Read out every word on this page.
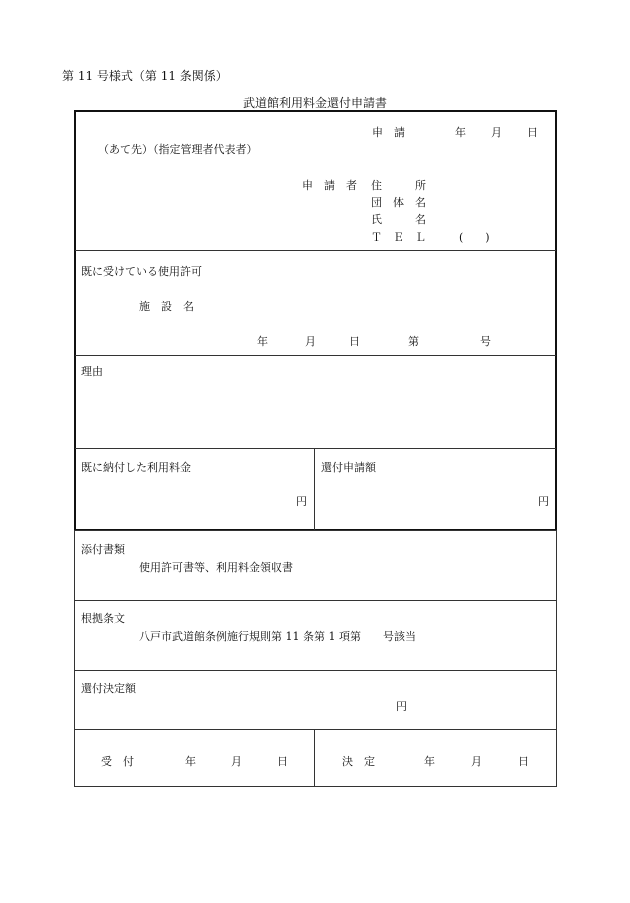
第 11 号様式（第 11 条関係）
武道館利用料金還付申請書
申　請	年 月 日
（あて先）（指定管理者代表者）
申　請　者 住　　　所
団　体　名
氏　　　名
Ｔ　Ｅ　Ｌ	(　　)
既に受けている使用許可
施　設　名
年	月	日	第	号
理由
既に納付した利用料金
円
還付申請額
円
添付書類
使用許可書等、利用料金領収書
根拠条文
八戸市武道館条例施行規則第 11 条第 1 項第　　号該当
還付決定額
円
受　付	年	月	日	決　定	年	月	日
